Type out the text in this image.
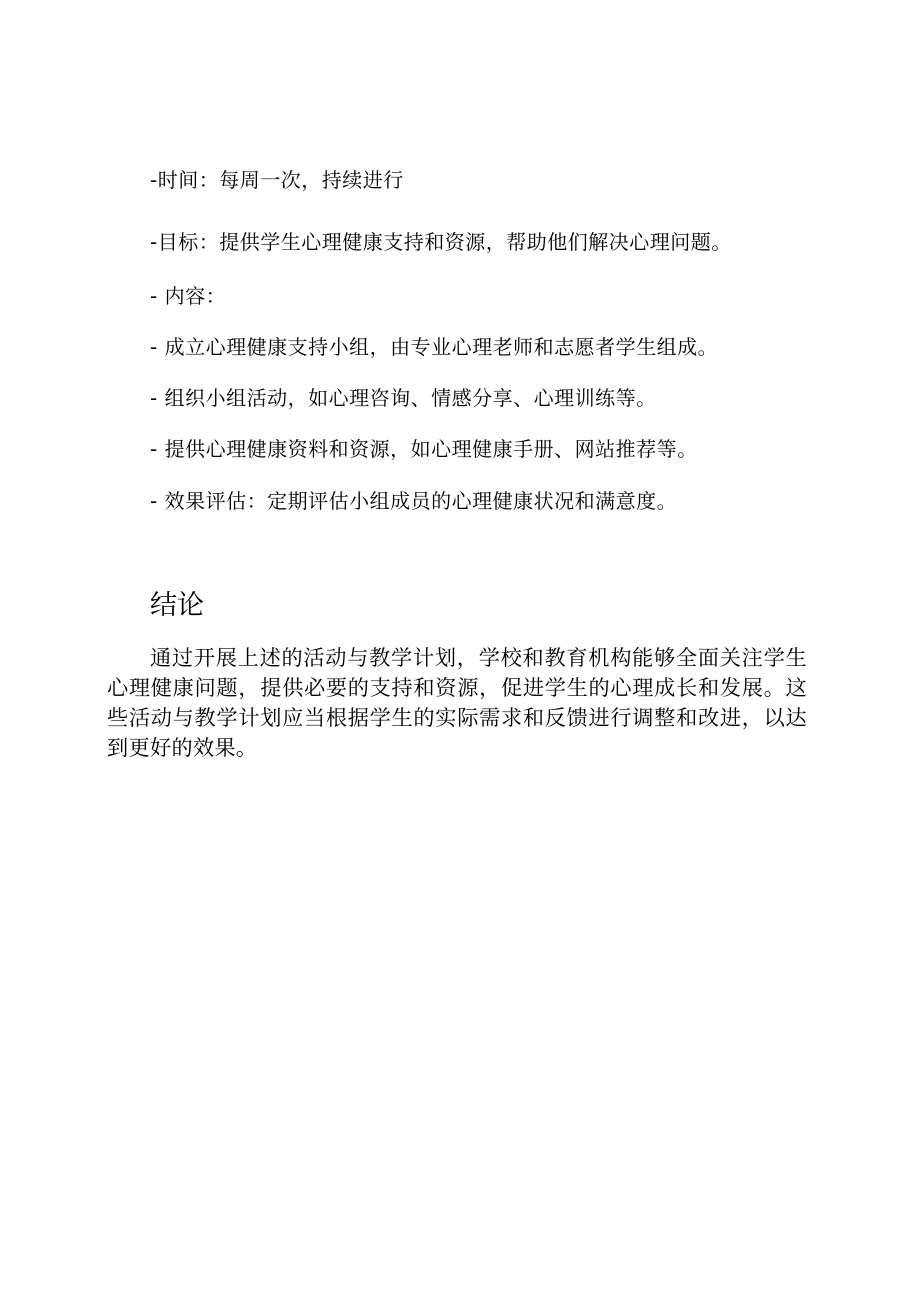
-时间：每周一次，持续进行
-目标：提供学生心理健康支持和资源，帮助他们解决心理问题。
- 内容：
- 成立心理健康支持小组，由专业心理老师和志愿者学生组成。
- 组织小组活动，如心理咨询、情感分享、心理训练等。
- 提供心理健康资料和资源，如心理健康手册、网站推荐等。
- 效果评估：定期评估小组成员的心理健康状况和满意度。
结论
通过开展上述的活动与教学计划，学校和教育机构能够全面关注学生心理健康问题，提供必要的支持和资源，促进学生的心理成长和发展。这些活动与教学计划应当根据学生的实际需求和反馈进行调整和改进，以达到更好的效果。
